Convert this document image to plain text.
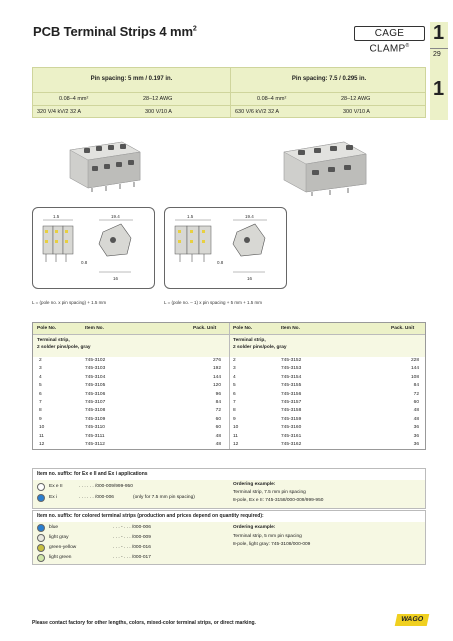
PCB Terminal Strips 4 $mm^2$	CAGE CLAMP®
1
29
1
Pin spacing: 5 mm / 0.197 in.
0.08–4 mm²	28–12 AWG
320 V/4 kV/2 32 A	300 V/10 A
Pin spacing: 7.5 / 0.295 in.
0.08–4 mm²	28–12 AWG
630 V/6 kV/2 32 A	300 V/10 A
1.5	19.4
0.8
16
1.5	19.4
0.8
16
L = (pole no. x pin spacing) + 1.5 mm	L = (pole no. – 1) x pin spacing + 5 mm + 1.5 mm
Pole No.	Item No.	Pack. Unit	Pole No.	Item No.	Pack. Unit
Terminal strip,
2 solder pins/pole, gray
Terminal strip,
2 solder pins/pole, gray
2	745-3102	276	2	745-3152	228
3	745-3103	192	3	745-3153	144
4	745-3104	144	4	745-3154	108
5	745-3105	120	5	745-3155	84
6	745-3106	96	6	745-3156	72
7	745-3107	84	7	745-3157	60
8	745-3108	72	8	745-3158	48
9	745-3109	60	9	745-3159	48
10	745-3110	60	10	745-3160	36
11	745-3111	48	11	745-3161	36
12	745-3112	48	12	745-3162	36
Item no. suffix: for Ex e II and Ex i applications
Ex e II	. . . . . . /000-009/999-950
Ex i	. . . . . . /000-006	(only for 7.5 mm pin spacing)
Ordering example:
Terminal strip, 7.5 mm pin spacing
8-pole, Ex e II: 745-3158/000-009/999-950
Item no. suffix: for colored terminal strips (production and prices depend on quantity required):
blue	. . . - . . . /000-006
light gray	. . . - . . . /000-009
green-yellow	. . . - . . . /000-016
light green	. . . - . . . /000-017
Ordering example:
Terminal strip, 5 mm pin spacing
8-pole, light gray: 745-3108/000-009
Please contact factory for other lengths, colors, mixed-color terminal strips, or direct marking.	WAGO
